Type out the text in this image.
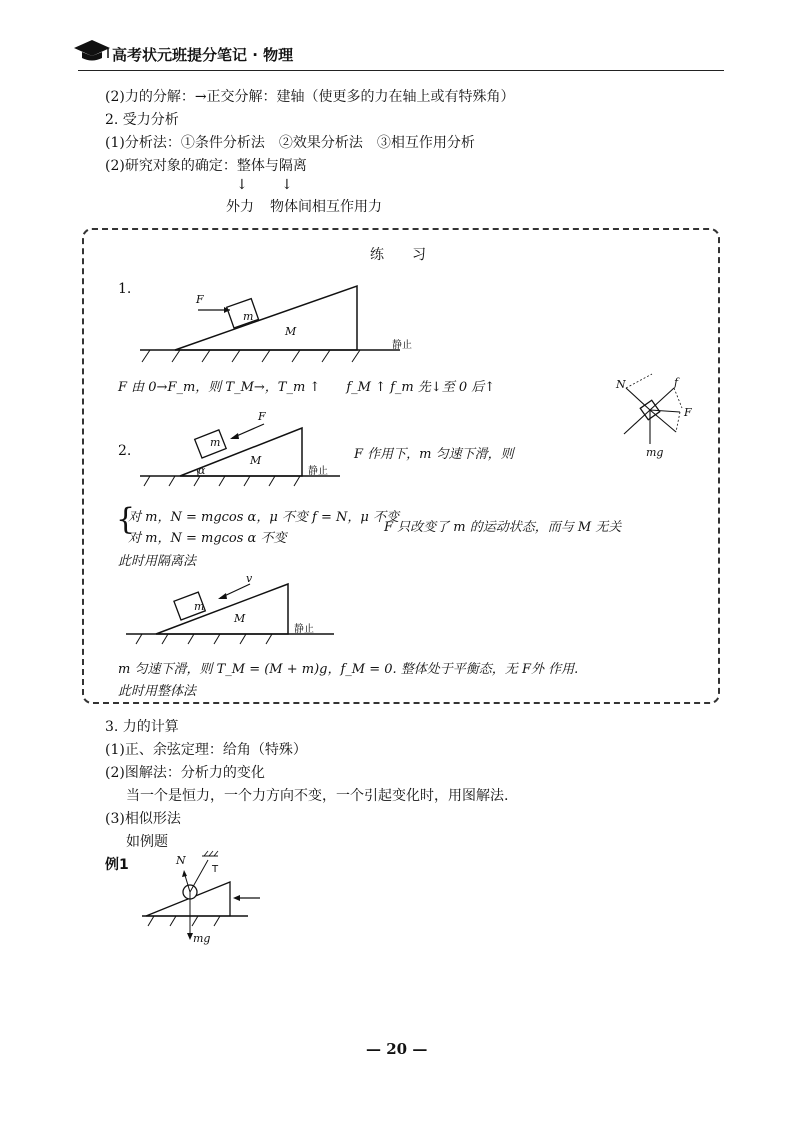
高考状元班提分笔记 · 物理
(2)力的分解：→正交分解：建轴（使更多的力在轴上或有特殊角）
2. 受力分析
(1)分析法：①条件分析法　②效果分析法　③相互作用分析
(2)研究对象的确定：整体与隔离
↓ ↓
外力 物体间相互作用力
练　　习
1.
F
m
M
静止
F 由 0→F_m，则 T_M→，T_m ↑　　f_M ↑ f_m 先↓至 0 后↑	N	f
F
mg
2.
F
m
M
α	静止
F 作用下，m 匀速下滑，则
{
对 m，N = mgcos α，μ 不变 f = N，μ 不变
对 m，N = mgcos α 不变
F 只改变了 m 的运动状态，而与 M 无关
此时用隔离法
v
m
M
静止
m 匀速下滑，则 T_M = (M + m)g，f_M = 0. 整体处于平衡态，无 F外 作用.
此时用整体法
3. 力的计算
(1)正、余弦定理：给角（特殊）
(2)图解法：分析力的变化
当一个是恒力，一个力方向不变，一个引起变化时，用图解法.
(3)相似形法
如例题
例1	N
T
mg
— 20 —
